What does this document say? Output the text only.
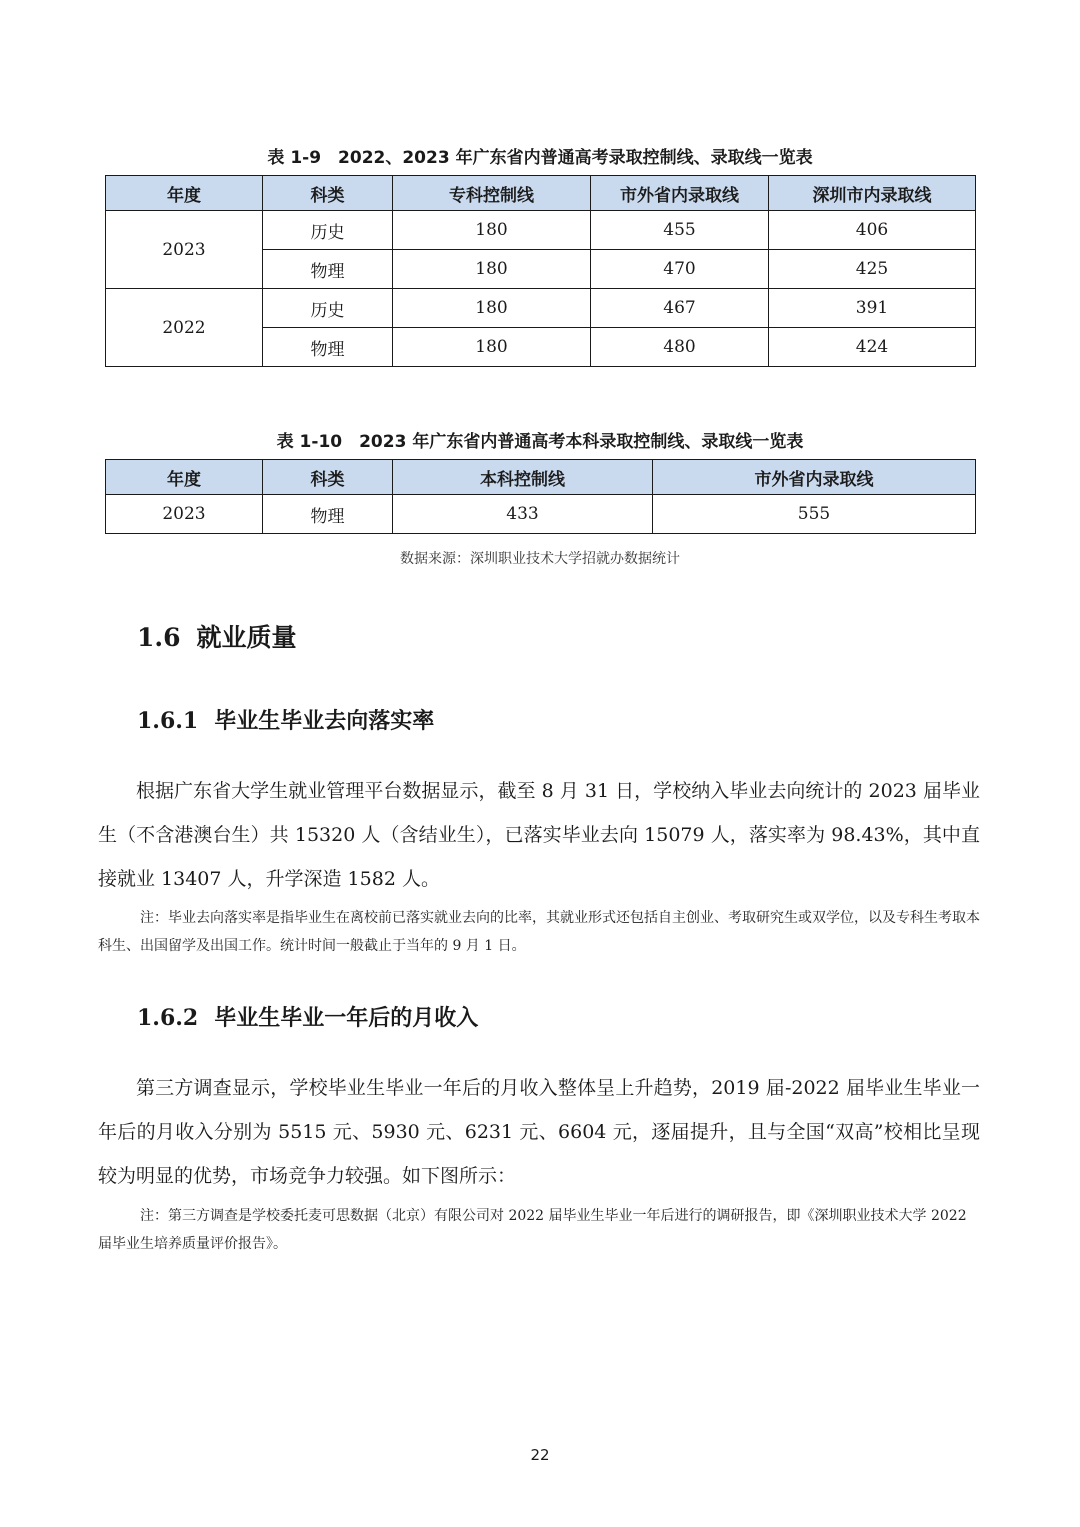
表 1-9　2022、2023 年广东省内普通高考录取控制线、录取线一览表
年度	科类	专科控制线	市外省内录取线	深圳市内录取线
2023	历史	180	455	406
	物理	180	470	425
2022	历史	180	467	391
	物理	180	480	424
表 1-10　2023 年广东省内普通高考本科录取控制线、录取线一览表
年度	科类	本科控制线	市外省内录取线
2023	物理	433	555
数据来源：深圳职业技术大学招就办数据统计
1.6 就业质量
1.6.1 毕业生毕业去向落实率

根据广东省大学生就业管理平台数据显示，截至 8 月 31 日，学校纳入毕业去向统计的 2023 届毕业生（不含港澳台生）共 15320 人（含结业生），已落实毕业去向 15079 人，落实率为 98.43%，其中直接就业 13407 人，升学深造 1582 人。

注：毕业去向落实率是指毕业生在离校前已落实就业去向的比率，其就业形式还包括自主创业、考取研究生或双学位，以及专科生考取本科生、出国留学及出国工作。统计时间一般截止于当年的 9 月 1 日。

1.6.2 毕业生毕业一年后的月收入

第三方调查显示，学校毕业生毕业一年后的月收入整体呈上升趋势，2019 届-2022 届毕业生毕业一年后的月收入分别为 5515 元、5930 元、6231 元、6604 元，逐届提升，且与全国“双高”校相比呈现较为明显的优势，市场竞争力较强。如下图所示：

注：第三方调查是学校委托麦可思数据（北京）有限公司对 2022 届毕业生毕业一年后进行的调研报告，即《深圳职业技术大学 2022 届毕业生培养质量评价报告》。

22
